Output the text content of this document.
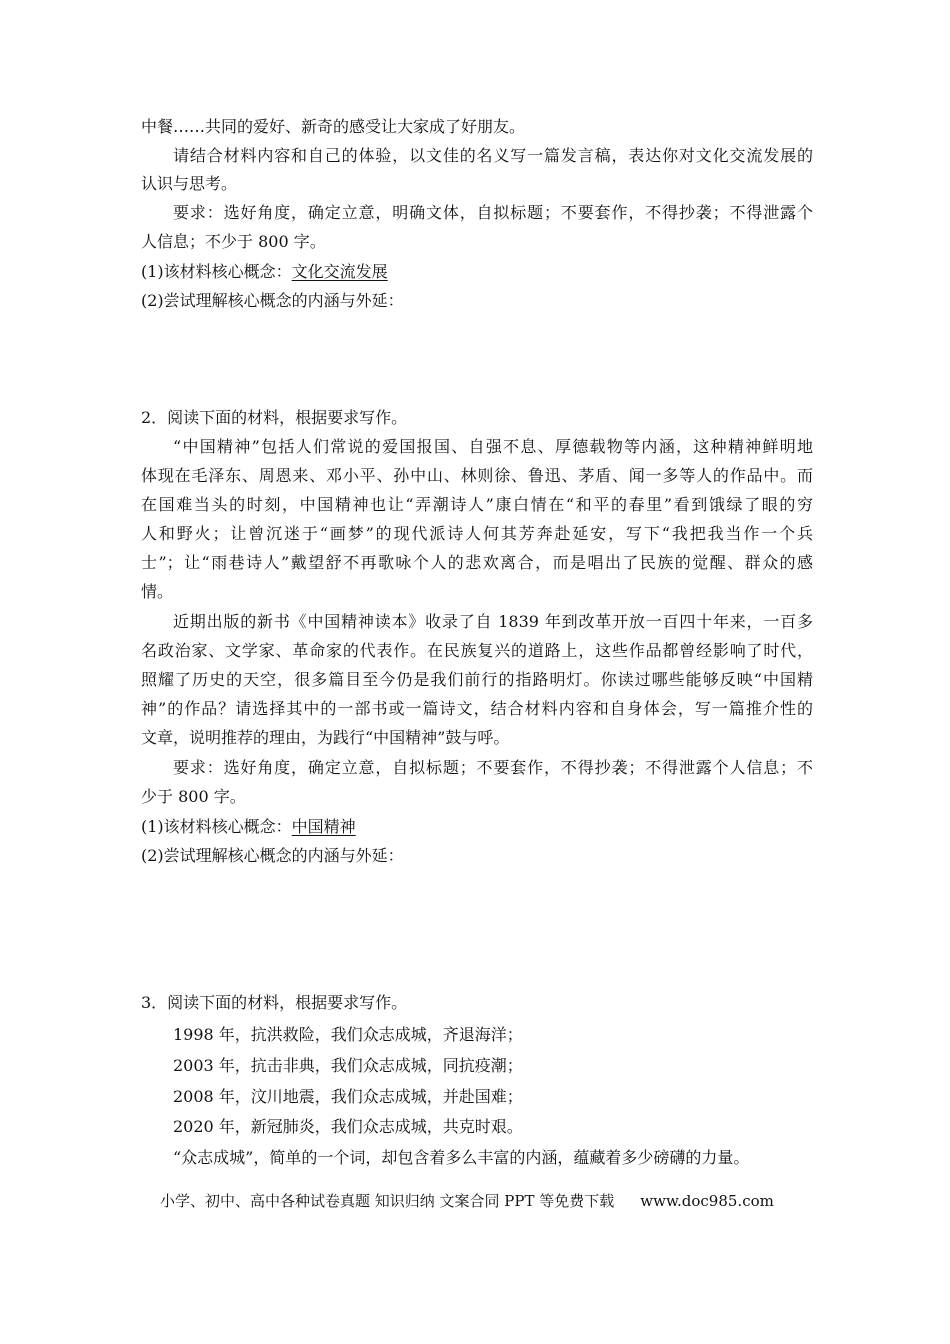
中餐……共同的爱好、新奇的感受让大家成了好朋友。
请结合材料内容和自己的体验，以文佳的名义写一篇发言稿，表达你对文化交流发展的
认识与思考。
要求：选好角度，确定立意，明确文体，自拟标题；不要套作，不得抄袭；不得泄露个
人信息；不少于 800 字。
(1)该材料核心概念：文化交流发展
(2)尝试理解核心概念的内涵与外延：
2．阅读下面的材料，根据要求写作。
“中国精神”包括人们常说的爱国报国、自强不息、厚德载物等内涵，这种精神鲜明地
体现在毛泽东、周恩来、邓小平、孙中山、林则徐、鲁迅、茅盾、闻一多等人的作品中。而
在国难当头的时刻，中国精神也让“弄潮诗人”康白情在“和平的春里”看到饿绿了眼的穷
人和野火；让曾沉迷于“画梦”的现代派诗人何其芳奔赴延安，写下“我把我当作一个兵
士”；让“雨巷诗人”戴望舒不再歌咏个人的悲欢离合，而是唱出了民族的觉醒、群众的感
情。
近期出版的新书《中国精神读本》收录了自 1839 年到改革开放一百四十年来，一百多
名政治家、文学家、革命家的代表作。在民族复兴的道路上，这些作品都曾经影响了时代，
照耀了历史的天空，很多篇目至今仍是我们前行的指路明灯。你读过哪些能够反映“中国精
神”的作品？请选择其中的一部书或一篇诗文，结合材料内容和自身体会，写一篇推介性的
文章，说明推荐的理由，为践行“中国精神”鼓与呼。
要求：选好角度，确定立意，自拟标题；不要套作，不得抄袭；不得泄露个人信息；不
少于 800 字。
(1)该材料核心概念：中国精神
(2)尝试理解核心概念的内涵与外延：
3．阅读下面的材料，根据要求写作。
1998 年，抗洪救险，我们众志成城，齐退海洋；
2003 年，抗击非典，我们众志成城，同抗疫潮；
2008 年，汶川地震，我们众志成城，并赴国难；
2020 年，新冠肺炎，我们众志成城，共克时艰。
“众志成城”，简单的一个词，却包含着多么丰富的内涵，蕴藏着多少磅礴的力量。
小学、初中、高中各种试卷真题 知识归纳 文案合同 PPT 等免费下载 www.doc985.com
